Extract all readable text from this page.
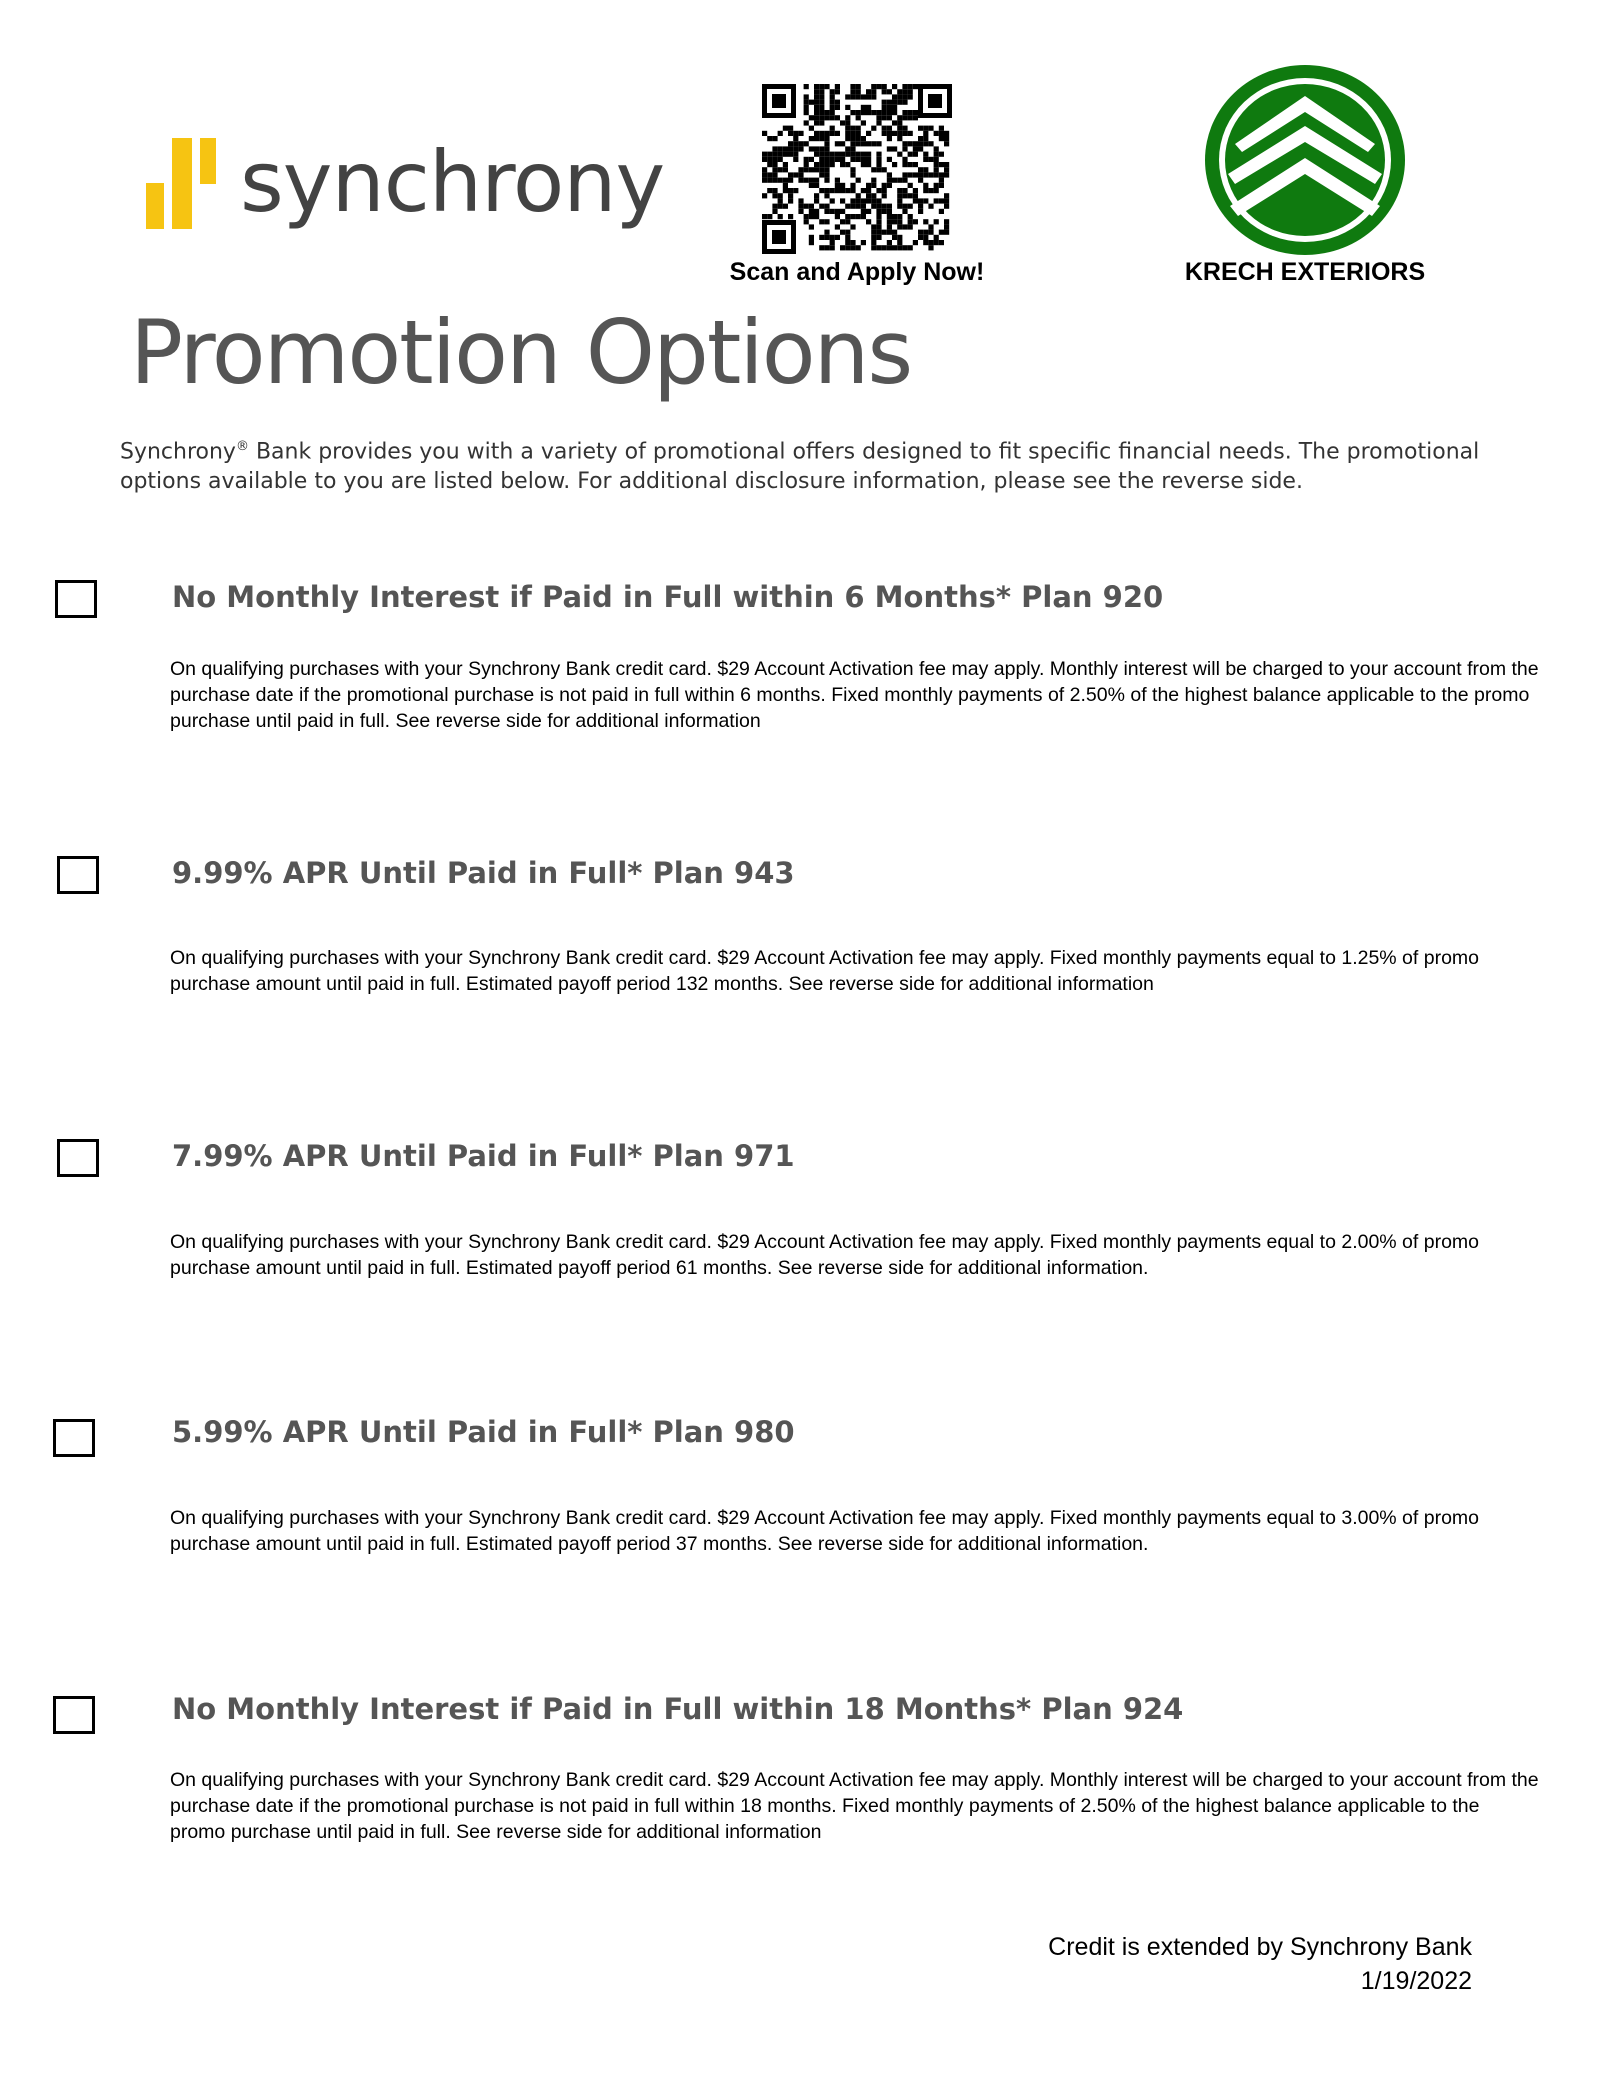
synchrony
Scan and Apply Now!	KRECH EXTERIORS
Promotion Options
Synchrony® Bank provides you with a variety of promotional offers designed to fit specific financial needs. The promotional options available to you are listed below. For additional disclosure information, please see the reverse side.
No Monthly Interest if Paid in Full within 6 Months* Plan 920
On qualifying purchases with your Synchrony Bank credit card. $29 Account Activation fee may apply. Monthly interest will be charged to your account from the purchase date if the promotional purchase is not paid in full within 6 months. Fixed monthly payments of 2.50% of the highest balance applicable to the promo purchase until paid in full. See reverse side for additional information
9.99% APR Until Paid in Full* Plan 943
On qualifying purchases with your Synchrony Bank credit card. $29 Account Activation fee may apply. Fixed monthly payments equal to 1.25% of promo purchase amount until paid in full. Estimated payoff period 132 months. See reverse side for additional information
7.99% APR Until Paid in Full* Plan 971
On qualifying purchases with your Synchrony Bank credit card. $29 Account Activation fee may apply. Fixed monthly payments equal to 2.00% of promo purchase amount until paid in full. Estimated payoff period 61 months. See reverse side for additional information.
5.99% APR Until Paid in Full* Plan 980
On qualifying purchases with your Synchrony Bank credit card. $29 Account Activation fee may apply. Fixed monthly payments equal to 3.00% of promo purchase amount until paid in full. Estimated payoff period 37 months. See reverse side for additional information.
No Monthly Interest if Paid in Full within 18 Months* Plan 924
On qualifying purchases with your Synchrony Bank credit card. $29 Account Activation fee may apply. Monthly interest will be charged to your account from the purchase date if the promotional purchase is not paid in full within 18 months. Fixed monthly payments of 2.50% of the highest balance applicable to the promo purchase until paid in full. See reverse side for additional information
Credit is extended by Synchrony Bank
1/19/2022
